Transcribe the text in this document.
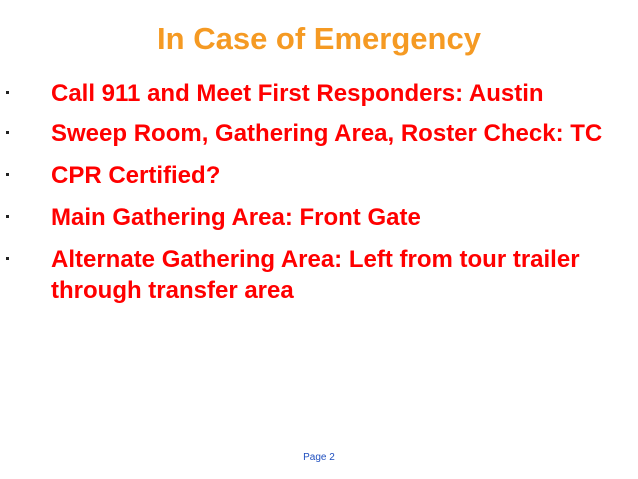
In Case of Emergency
Call 911 and Meet First Responders: Austin
Sweep Room, Gathering Area, Roster Check: TC
CPR Certified?
Main Gathering Area: Front Gate
Alternate Gathering Area: Left from tour trailer through transfer area
Page 2
